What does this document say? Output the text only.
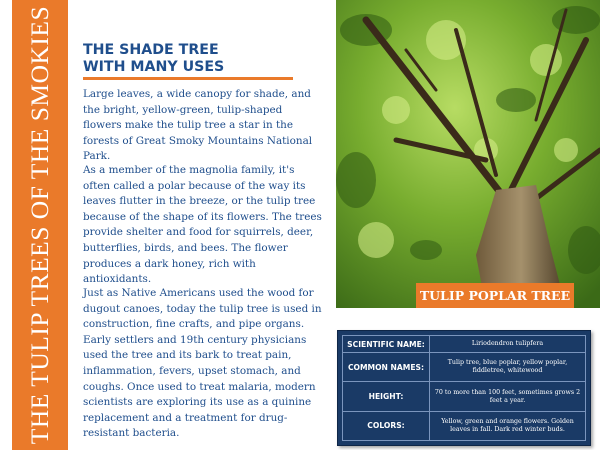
THE TULIP TREES OF THE SMOKIES THE SHADE TREE
WITH MANY USES

Large leaves, a wide canopy for shade, and the bright, yellow-green, tulip-shaped flowers make the tulip tree a star in the forests of Great Smoky Mountains National Park.

As a member of the magnolia family, it's often called a polar because of the way its leaves flutter in the breeze, or the tulip tree because of the shape of its flowers. The trees provide shelter and food for squirrels, deer, butterflies, birds, and bees. The flower produces a dark honey, rich with antioxidants.

Just as Native Americans used the wood for dugout canoes, today the tulip tree is used in construction, fine crafts, and pipe organs. Early settlers and 19th century physicians used the tree and its bark to treat pain, inflammation, fevers, upset stomach, and coughs. Once used to treat malaria, modern scientists are exploring its use as a quinine replacement and a treatment for drug-resistant bacteria.

TULIP POPLAR TREE
SCIENTIFIC NAME:	Liriodendron tulipfera
COMMON NAMES:	Tulip tree, blue poplar, yellow poplar, fiddletree, whitewood
HEIGHT:	70 to more than 100 feet, sometimes grows 2 feet a year.
COLORS:	Yellow, green and orange flowers. Golden leaves in fall. Dark red winter buds.
